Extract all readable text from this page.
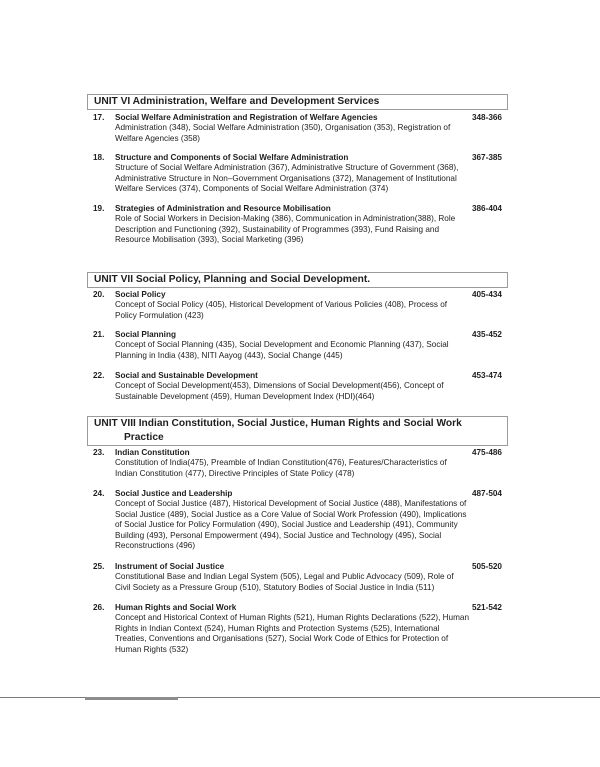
UNIT VI Administration, Welfare and Development Services
17. Social Welfare Administration and Registration of Welfare Agencies	348-366
Administration (348), Social Welfare Administration (350), Organisation (353), Registration of Welfare Agencies (358)
18. Structure and Components of Social Welfare Administration	367-385
Structure of Social Welfare Administration (367), Administrative Structure of Government (368), Administrative Structure in Non–Government Organisations (372), Management of Institutional Welfare Services (374), Components of Social Welfare Administration (374)
19. Strategies of Administration and Resource Mobilisation	386-404
Role of Social Workers in Decision-Making (386), Communication in Administration(388), Role Description and Functioning (392), Sustainability of Programmes (393), Fund Raising and Resource Mobilisation (393), Social Marketing (396)
UNIT VII Social Policy, Planning and Social Development.
20. Social Policy	405-434
Concept of Social Policy (405), Historical Development of Various Policies (408), Process of Policy Formulation (423)
21. Social Planning	435-452
Concept of Social Planning (435), Social Development and Economic Planning (437), Social Planning in India (438), NITI Aayog (443), Social Change (445)
22. Social and Sustainable Development	453-474
Concept of Social Development(453), Dimensions of Social Development(456), Concept of Sustainable Development (459), Human Development Index (HDI)(464)
UNIT VIII Indian Constitution, Social Justice, Human Rights and Social Work
Practice
23. Indian Constitution	475-486
Constitution of India(475), Preamble of Indian Constitution(476), Features/Characteristics of Indian Constitution (477), Directive Principles of State Policy (478)
24. Social Justice and Leadership	487-504
Concept of Social Justice (487), Historical Development of Social Justice (488), Manifestations of Social Justice (489), Social Justice as a Core Value of Social Work Profession (490), Implications of Social Justice for Policy Formulation (490), Social Justice and Leadership (491), Community Building (493), Personal Empowerment (494), Social Justice and Technology (495), Social Reconstructions (496)
25. Instrument of Social Justice	505-520
Constitutional Base and Indian Legal System (505), Legal and Public Advocacy (509), Role of Civil Society as a Pressure Group (510), Statutory Bodies of Social Justice in India (511)
26. Human Rights and Social Work	521-542
Concept and Historical Context of Human Rights (521), Human Rights Declarations (522), Human Rights in Indian Context (524), Human Rights and Protection Systems (525), International Treaties, Conventions and Organisations (527), Social Work Code of Ethics for Protection of Human Rights (532)
